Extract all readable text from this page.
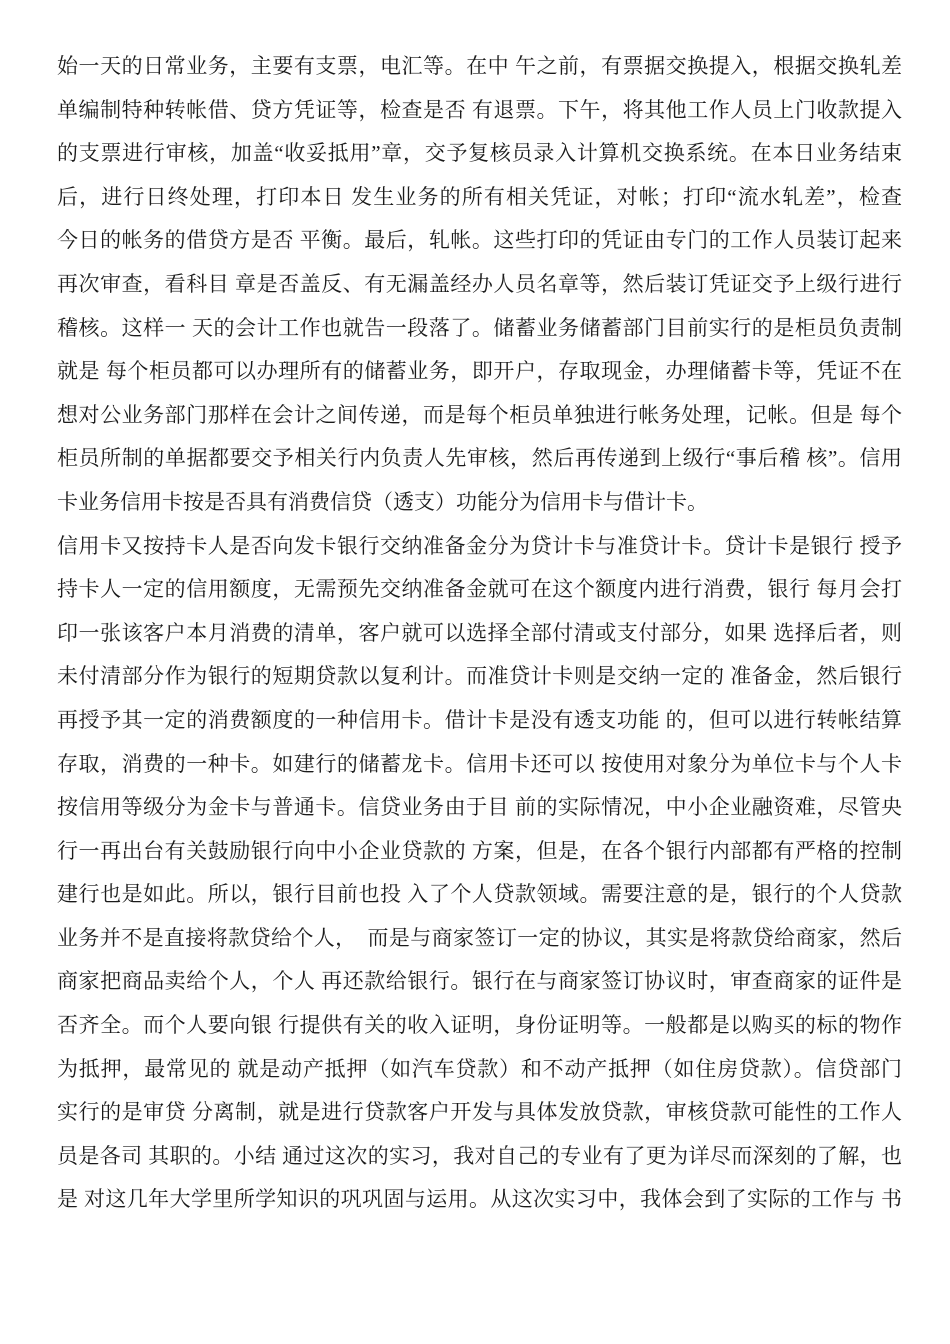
始一天的日常业务，主要有支票，电汇等。在中 午之前，有票据交换提入，根据交换轧差
单编制特种转帐借、贷方凭证等，检查是否 有退票。下午，将其他工作人员上门收款提入
的支票进行审核，加盖“收妥抵用”章，交予复核员录入计算机交换系统。在本日业务结束
后，进行日终处理，打印本日 发生业务的所有相关凭证，对帐；打印“流水轧差”，检查
今日的帐务的借贷方是否 平衡。最后，轧帐。这些打印的凭证由专门的工作人员装订起来
再次审查，看科目 章是否盖反、有无漏盖经办人员名章等，然后装订凭证交予上级行进行
稽核。这样一 天的会计工作也就告一段落了。储蓄业务储蓄部门目前实行的是柜员负责制
就是 每个柜员都可以办理所有的储蓄业务，即开户，存取现金，办理储蓄卡等，凭证不在
想对公业务部门那样在会计之间传递，而是每个柜员单独进行帐务处理，记帐。但是 每个
柜员所制的单据都要交予相关行内负责人先审核，然后再传递到上级行“事后稽 核”。信用
卡业务信用卡按是否具有消费信贷（透支）功能分为信用卡与借计卡。
信用卡又按持卡人是否向发卡银行交纳准备金分为贷计卡与准贷计卡。贷计卡是银行 授予
持卡人一定的信用额度，无需预先交纳准备金就可在这个额度内进行消费，银行 每月会打
印一张该客户本月消费的清单，客户就可以选择全部付清或支付部分，如果 选择后者，则
未付清部分作为银行的短期贷款以复利计。而准贷计卡则是交纳一定的 准备金，然后银行
再授予其一定的消费额度的一种信用卡。借计卡是没有透支功能 的，但可以进行转帐结算
存取，消费的一种卡。如建行的储蓄龙卡。信用卡还可以 按使用对象分为单位卡与个人卡
按信用等级分为金卡与普通卡。信贷业务由于目 前的实际情况，中小企业融资难，尽管央
行一再出台有关鼓励银行向中小企业贷款的 方案，但是，在各个银行内部都有严格的控制
建行也是如此。所以，银行目前也投 入了个人贷款领域。需要注意的是，银行的个人贷款
业务并不是直接将款贷给个人，　而是与商家签订一定的协议，其实是将款贷给商家，然后
商家把商品卖给个人，个人 再还款给银行。银行在与商家签订协议时，审查商家的证件是
否齐全。而个人要向银 行提供有关的收入证明，身份证明等。一般都是以购买的标的物作
为抵押，最常见的 就是动产抵押（如汽车贷款）和不动产抵押（如住房贷款）。信贷部门
实行的是审贷 分离制，就是进行贷款客户开发与具体发放贷款，审核贷款可能性的工作人
员是各司 其职的。小结 通过这次的实习，我对自己的专业有了更为详尽而深刻的了解，也
是 对这几年大学里所学知识的巩巩固与运用。从这次实习中，我体会到了实际的工作与 书
